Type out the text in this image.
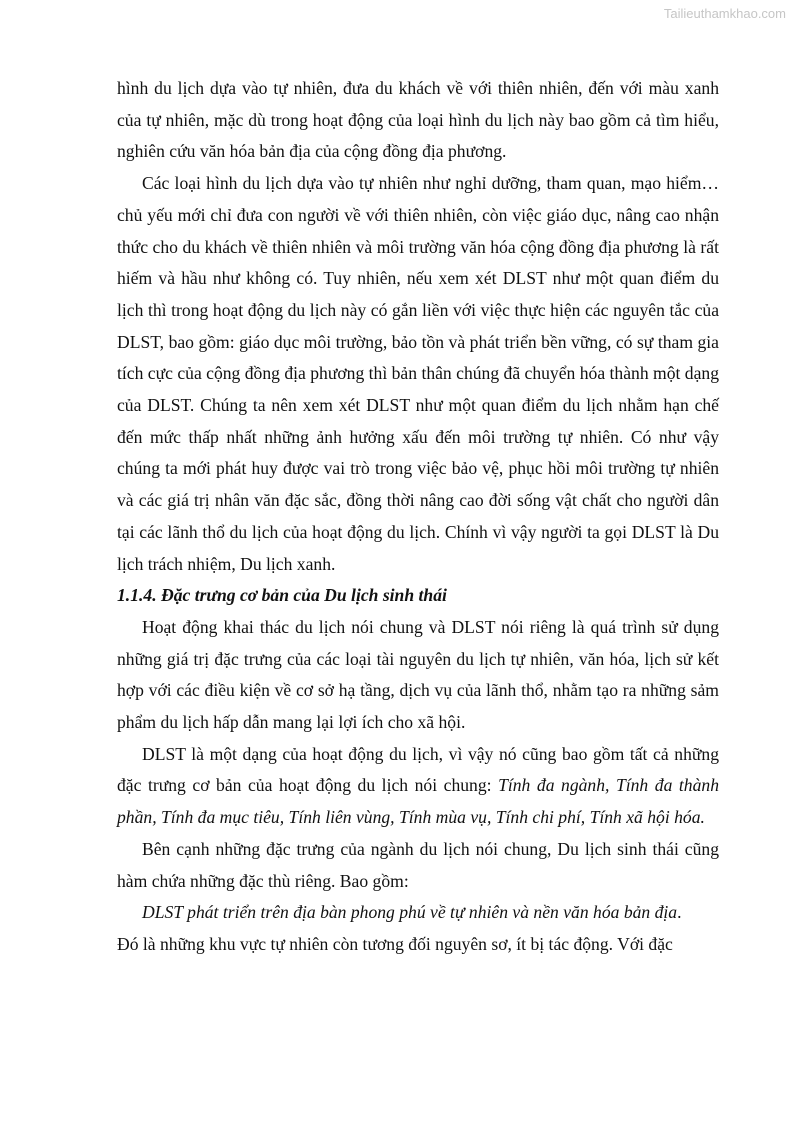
Tailieuthamkhao.com

hình du lịch dựa vào tự nhiên, đưa du khách về với thiên nhiên, đến với màu xanh của tự nhiên, mặc dù trong hoạt động của loại hình du lịch này bao gồm cả tìm hiểu, nghiên cứu văn hóa bản địa của cộng đồng địa phương.

Các loại hình du lịch dựa vào tự nhiên như nghỉ dưỡng, tham quan, mạo hiểm…chủ yếu mới chỉ đưa con người về với thiên nhiên, còn việc giáo dục, nâng cao nhận thức cho du khách về thiên nhiên và môi trường văn hóa cộng đồng địa phương là rất hiếm và hầu như không có. Tuy nhiên, nếu xem xét DLST như một quan điểm du lịch thì trong hoạt động du lịch này có gắn liền với việc thực hiện các nguyên tắc của DLST, bao gồm: giáo dục môi trường, bảo tồn và phát triển bền vững, có sự tham gia tích cực của cộng đồng địa phương thì bản thân chúng đã chuyển hóa thành một dạng của DLST. Chúng ta nên xem xét DLST như một quan điểm du lịch nhằm hạn chế đến mức thấp nhất những ảnh hưởng xấu đến môi trường tự nhiên. Có như vậy chúng ta mới phát huy được vai trò trong việc bảo vệ, phục hồi môi trường tự nhiên và các giá trị nhân văn đặc sắc, đồng thời nâng cao đời sống vật chất cho người dân tại các lãnh thổ du lịch của hoạt động du lịch. Chính vì vậy người ta gọi DLST là Du lịch trách nhiệm, Du lịch xanh.

1.1.4. Đặc trưng cơ bản của Du lịch sinh thái

Hoạt động khai thác du lịch nói chung và DLST nói riêng là quá trình sử dụng những giá trị đặc trưng của các loại tài nguyên du lịch tự nhiên, văn hóa, lịch sử kết hợp với các điều kiện về cơ sở hạ tầng, dịch vụ của lãnh thổ, nhằm tạo ra những sảm phẩm du lịch hấp dẫn mang lại lợi ích cho xã hội.

DLST là một dạng của hoạt động du lịch, vì vậy nó cũng bao gồm tất cả những đặc trưng cơ bản của hoạt động du lịch nói chung: Tính đa ngành, Tính đa thành phần, Tính đa mục tiêu, Tính liên vùng, Tính mùa vụ, Tính chi phí, Tính xã hội hóa.

Bên cạnh những đặc trưng của ngành du lịch nói chung, Du lịch sinh thái cũng hàm chứa những đặc thù riêng. Bao gồm:

DLST phát triển trên địa bàn phong phú về tự nhiên và nền văn hóa bản địa.

Đó là những khu vực tự nhiên còn tương đối nguyên sơ, ít bị tác động. Với đặc
